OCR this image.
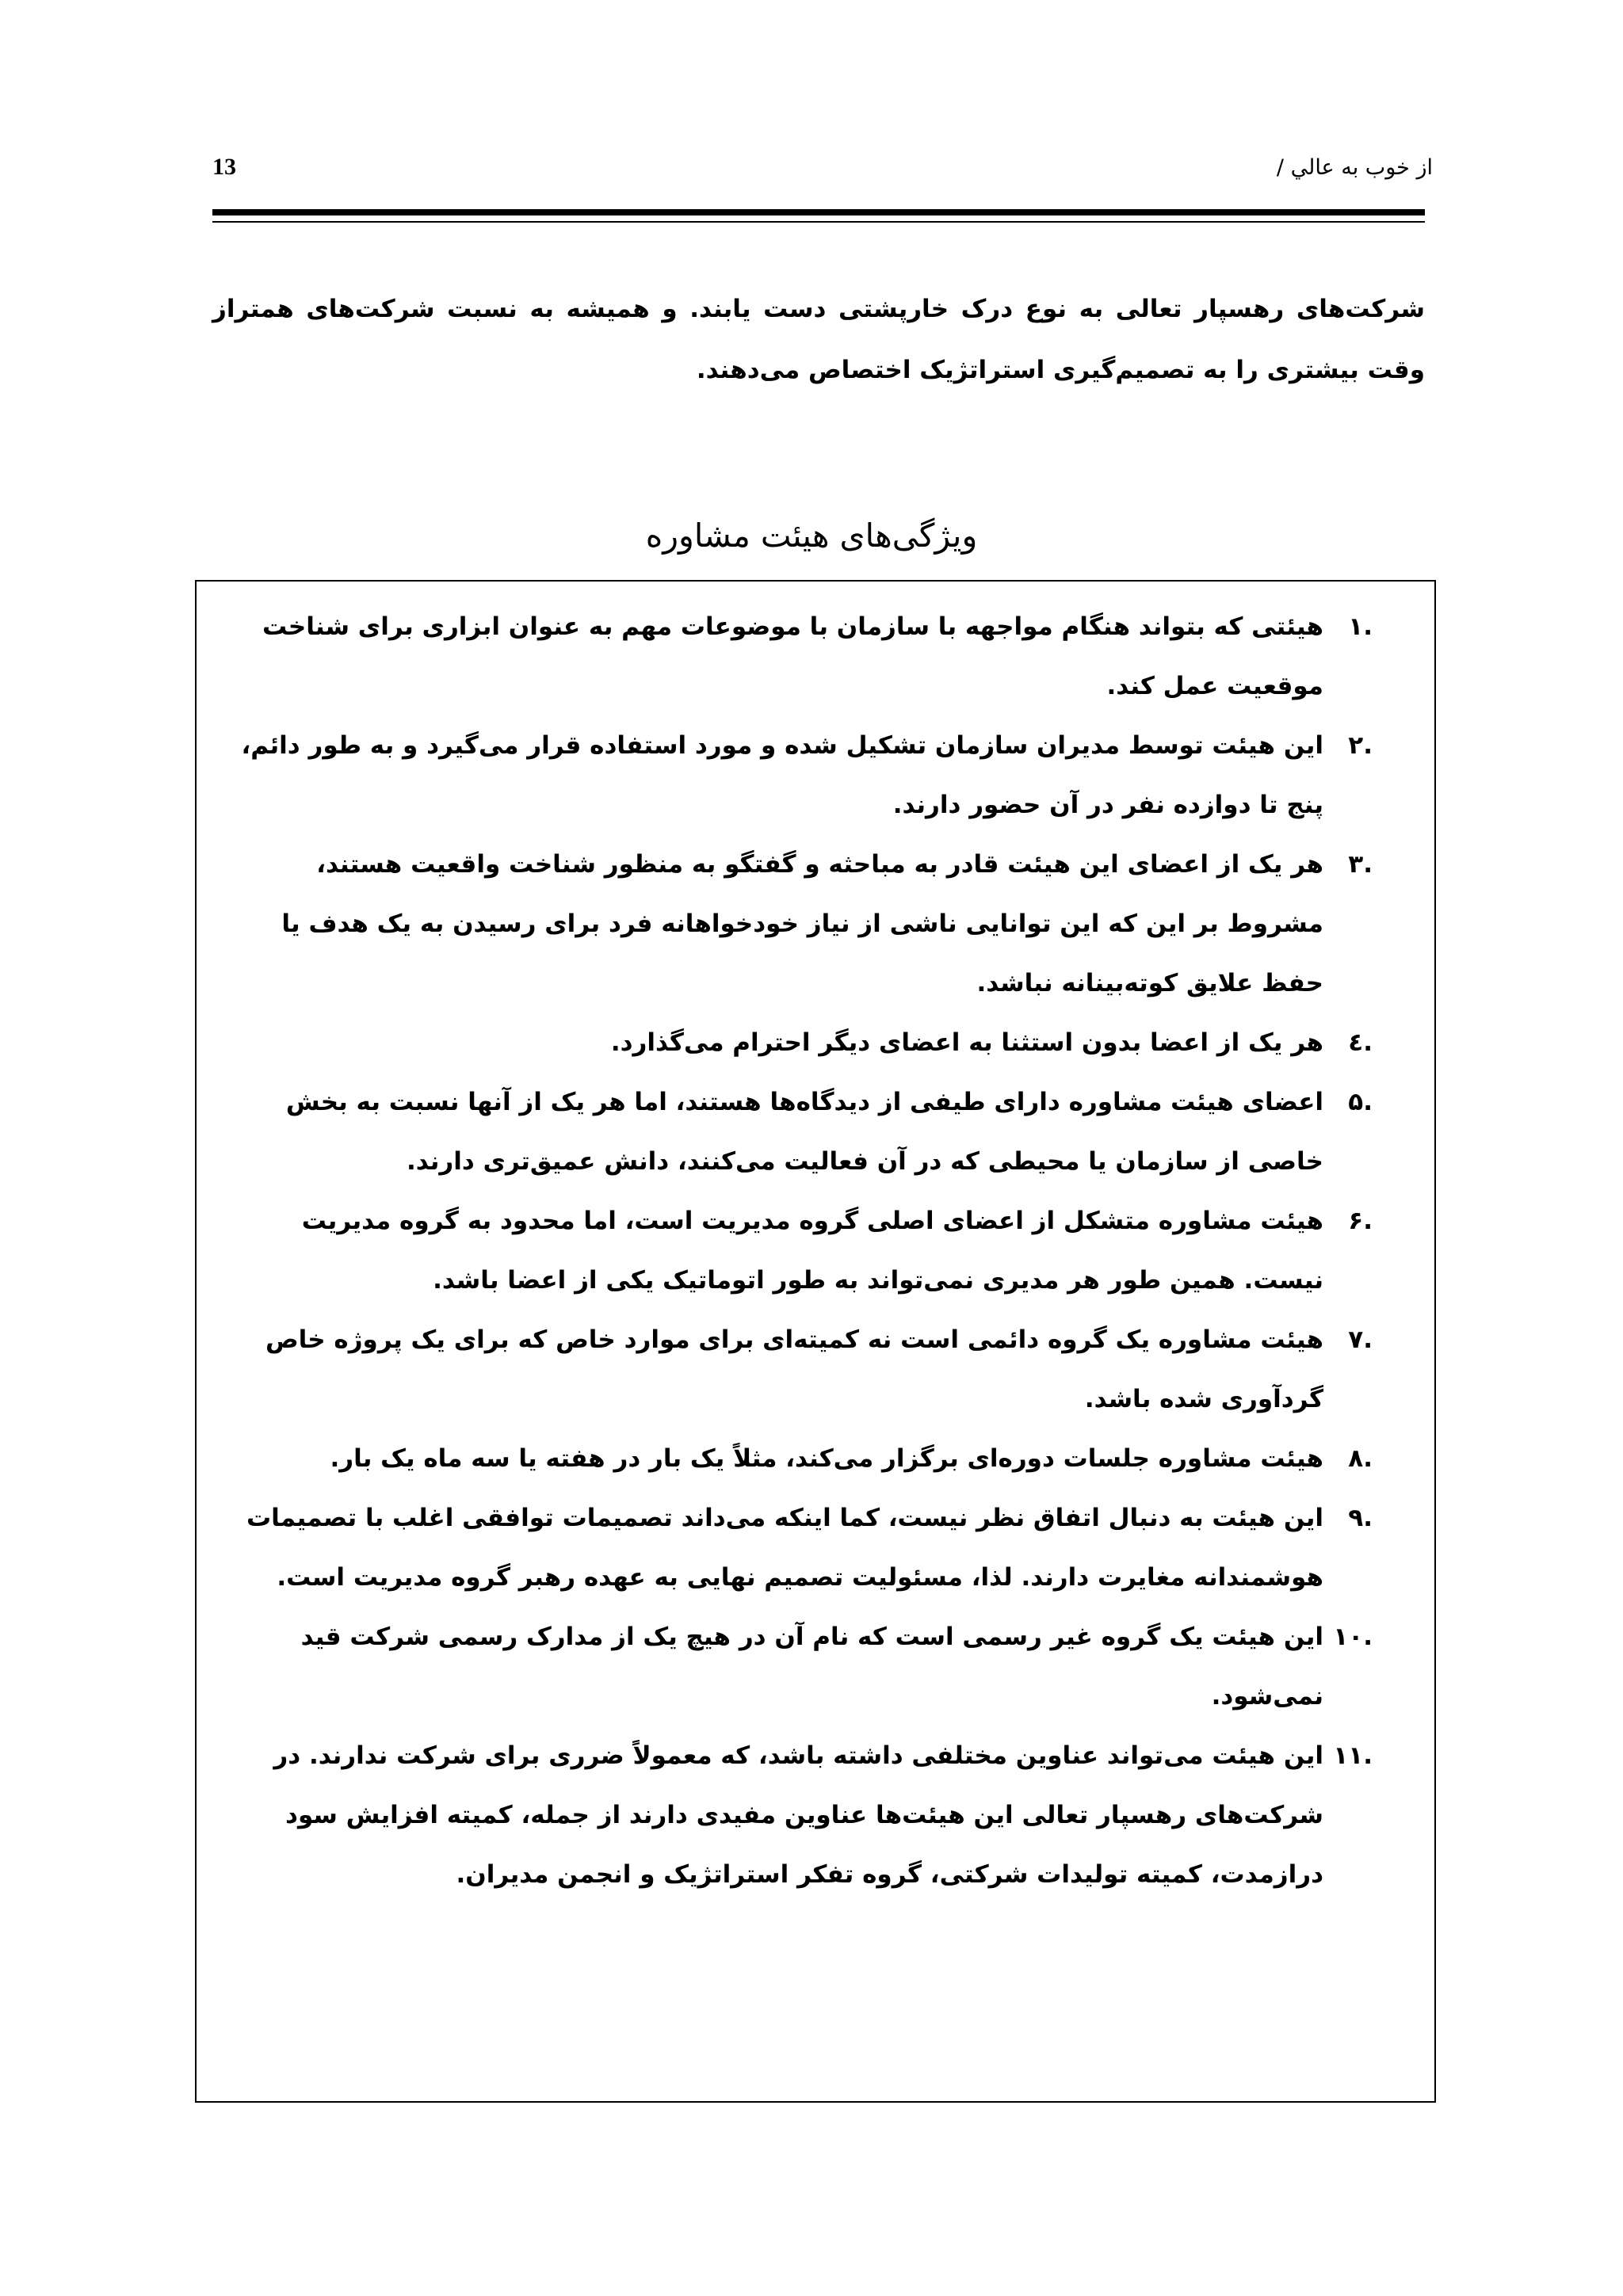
13	از خوب به عالي /

شرکت‌های رهسپار تعالی به نوع درک خارپشتی دست یابند. و همیشه به نسبت شرکت‌های همتراز وقت بیشتری را به تصمیم‌گیری استراتژیک اختصاص می‌دهند.

ویژگی‌های هیئت مشاوره
.۱
هیئتی که بتواند هنگام مواجهه با سازمان با موضوعات مهم به عنوان ابزاری برای شناخت موقعیت عمل کند.
.۲
این هیئت توسط مدیران سازمان تشکیل شده و مورد استفاده قرار می‌گیرد و به طور دائم، پنج تا دوازده نفر در آن حضور دارند.
.۳
هر یک از اعضای این هیئت قادر به مباحثه و گفتگو به منظور شناخت واقعیت هستند، مشروط بر این که این توانایی ناشی از نیاز خودخواهانه فرد برای رسیدن به یک هدف یا حفظ علایق کوته‌بینانه نباشد.
.٤
هر یک از اعضا بدون استثنا به اعضای دیگر احترام می‌گذارد.
.۵
اعضای هیئت مشاوره دارای طیفی از دیدگاه‌ها هستند، اما هر یک از آنها نسبت به بخش خاصی از سازمان یا محیطی که در آن فعالیت می‌کنند، دانش عمیق‌تری دارند.
.۶
هیئت مشاوره متشکل از اعضای اصلی گروه مدیریت است، اما محدود به گروه مدیریت نیست. همین طور هر مدیری نمی‌تواند به طور اتوماتیک یکی از اعضا باشد.
.۷
هیئت مشاوره یک گروه دائمی است نه کمیته‌ای برای موارد خاص که برای یک پروژه خاص گردآوری شده باشد.
.۸
هیئت مشاوره جلسات دوره‌ای برگزار می‌کند، مثلاً یک بار در هفته یا سه ماه یک بار.
.۹
این هیئت به دنبال اتفاق نظر نیست، کما اینکه می‌داند تصمیمات توافقی اغلب با تصمیمات هوشمندانه مغایرت دارند. لذا، مسئولیت تصمیم نهایی به عهده رهبر گروه مدیریت است.
.۱۰
این هیئت یک گروه غیر رسمی است که نام آن در هیچ یک از مدارک رسمی شرکت قید نمی‌شود.
.۱۱
این هیئت می‌تواند عناوین مختلفی داشته باشد، که معمولاً ضرری برای شرکت ندارند. در شرکت‌های رهسپار تعالی این هیئت‌ها عناوین مفیدی دارند از جمله، کمیته افزایش سود درازمدت، کمیته تولیدات شرکتی، گروه تفکر استراتژیک و انجمن مدیران.
